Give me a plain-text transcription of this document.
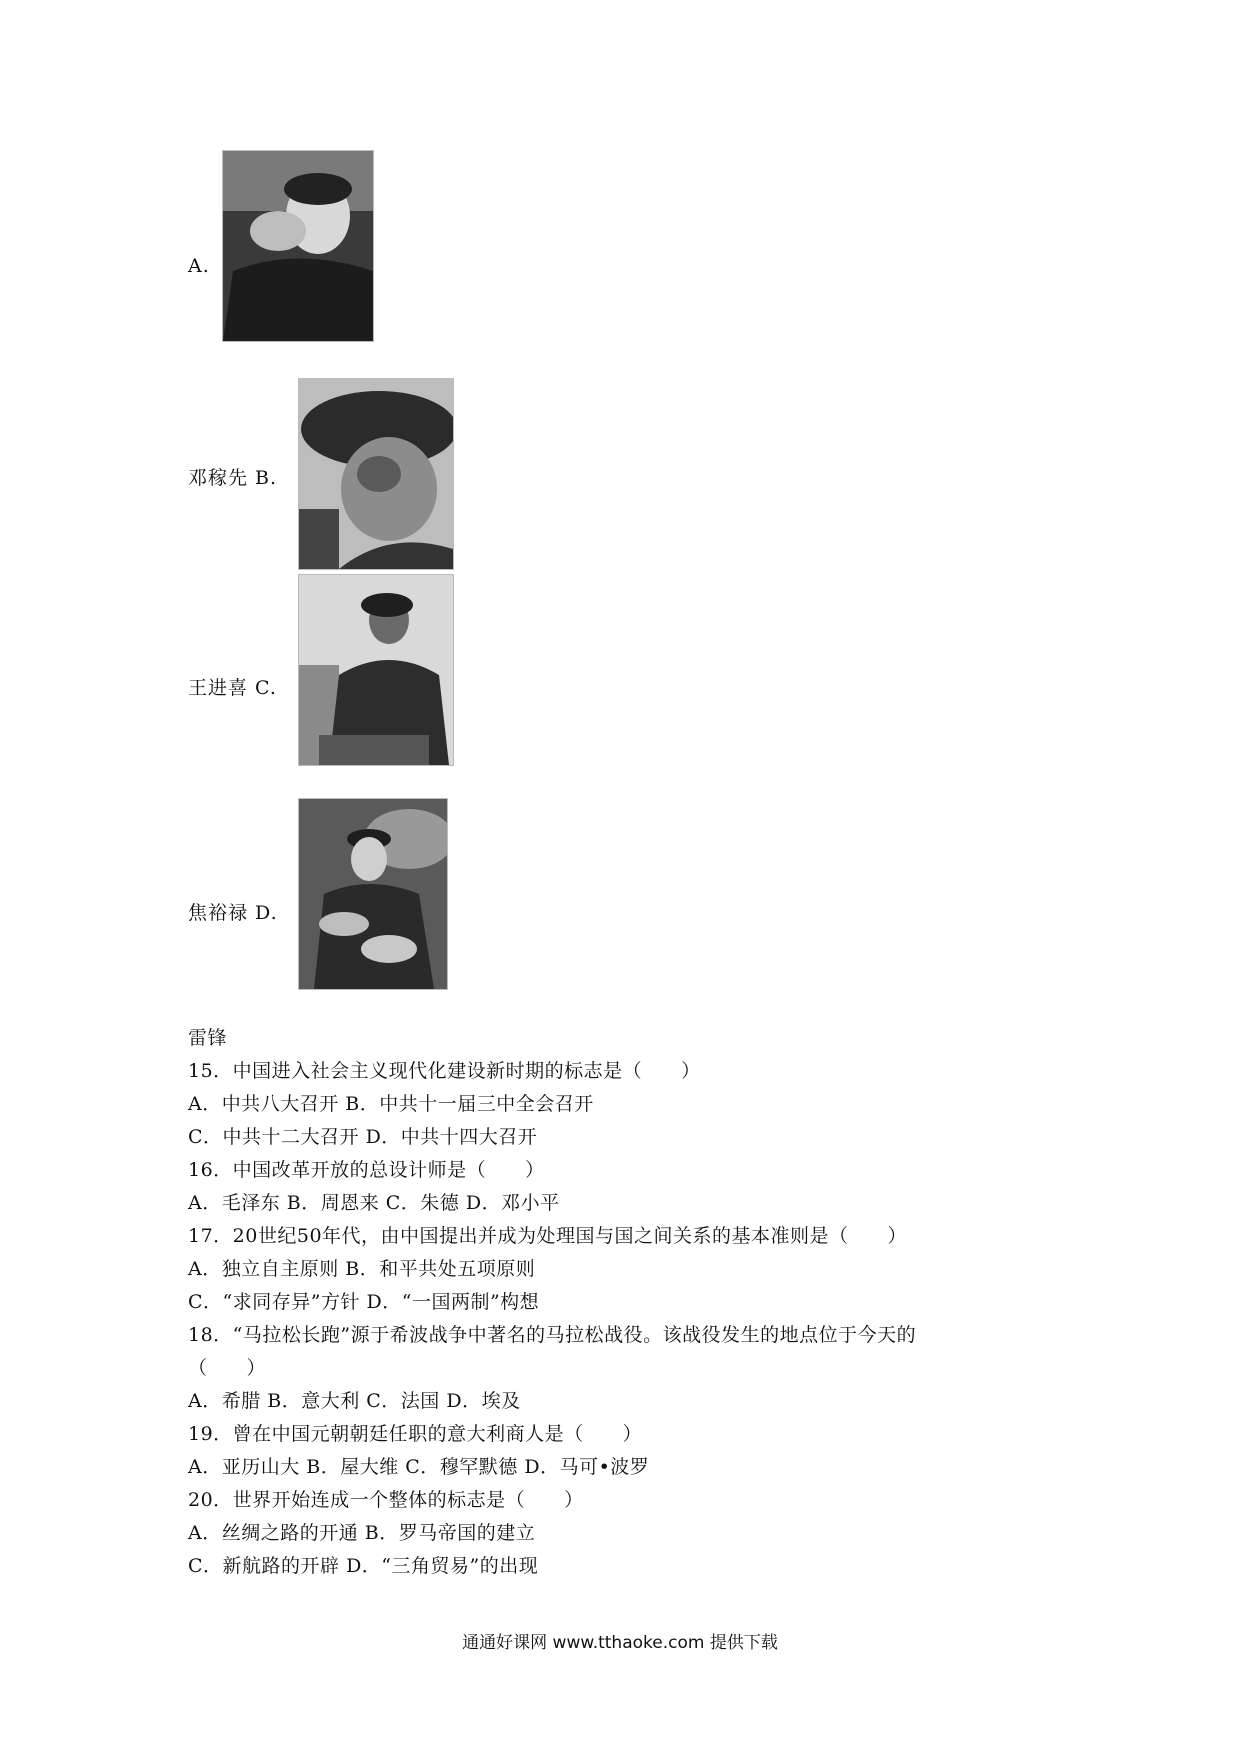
A.
邓稼先 B.
王进喜 C.
焦裕禄 D.
雷锋
15．中国进入社会主义现代化建设新时期的标志是（　　）
A．中共八大召开 B．中共十一届三中全会召开
C．中共十二大召开 D．中共十四大召开
16．中国改革开放的总设计师是（　　）
A．毛泽东 B．周恩来 C．朱德 D．邓小平
17．20世纪50年代，由中国提出并成为处理国与国之间关系的基本准则是（　　）
A．独立自主原则 B．和平共处五项原则
C．“求同存异”方针 D．“一国两制”构想
18．“马拉松长跑”源于希波战争中著名的马拉松战役。该战役发生的地点位于今天的
（　　）
A．希腊 B．意大利 C．法国 D．埃及
19．曾在中国元朝朝廷任职的意大利商人是（　　）
A．亚历山大 B．屋大维 C．穆罕默德 D．马可•波罗
20．世界开始连成一个整体的标志是（　　）
A．丝绸之路的开通 B．罗马帝国的建立
C．新航路的开辟 D．“三角贸易”的出现
通通好课网 www.tthaoke.com 提供下载
